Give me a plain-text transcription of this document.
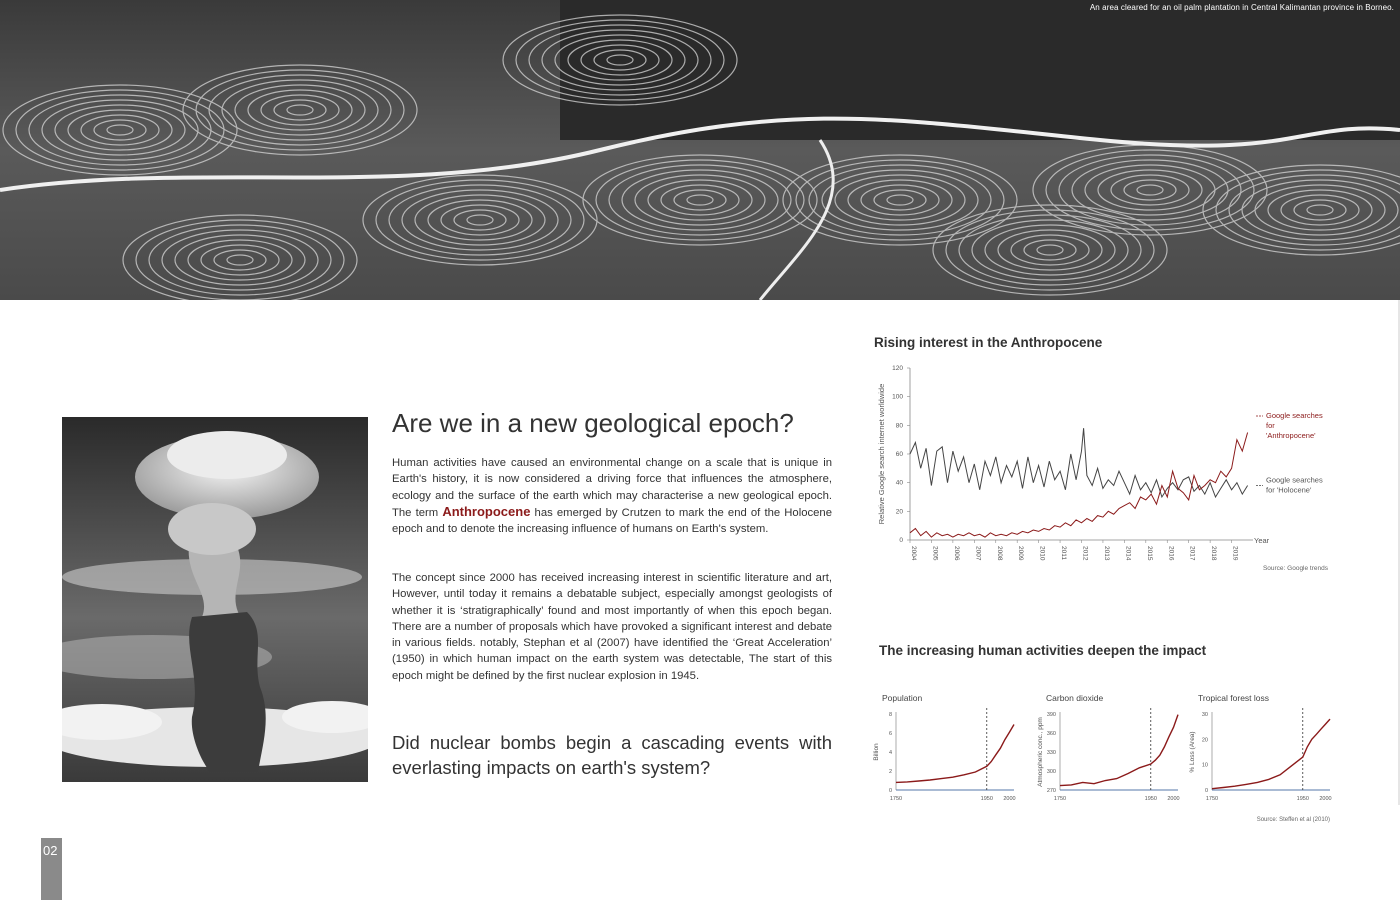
An area cleared for an oil palm plantation in Central Kalimantan province in Borneo.
Are we in a new geological epoch?

Human activities have caused an environmental change on a scale that is unique in Earth's history, it is now considered a driving force that influences the atmosphere, ecology and the surface of the earth which may characterise a new geological epoch. The term Anthropocene has emerged by Crutzen to mark the end of the Holocene epoch and to denote the increasing influence of humans on Earth's system.

The concept since 2000 has received increasing interest in scientific literature and art, However, until today it remains a debatable subject, especially amongst geologists of whether it is ‘stratigraphically’ found and most importantly of when this epoch began. There are a number of proposals which have provoked a significant interest and debate in various fields. notably, Stephan et al (2007) have identified the ‘Great Acceleration’ (1950) in which human impact on the earth system was detectable, The start of this epoch might be defined by the first nuclear explosion in 1945.

Did nuclear bombs begin a cascading events with everlasting impacts on earth's system?

Rising interest in the Anthropocene

0
20
40
60
80
100
120
2004 2005 2006 2007 2008 2009 2010 2011 2012 2013 2014 2015 2016 2017 2018 2019
Relative Google search internet worldwide	Google searches
for 'Holocene'
Google searches
for
'Anthropocene'
Year
Source: Google trends

The increasing human activities deepen the impact

Population
0
2
4
6
8
1750	1950 2000
Billion
Carbon dioxide
270
300
330
360
390
1750	1950 2000
Atmospheric conc., ppm
Tropical forest loss
0
10
20
30
1750	1950 2000
% Loss (Area)
Source: Steffen et al (2010)
02
